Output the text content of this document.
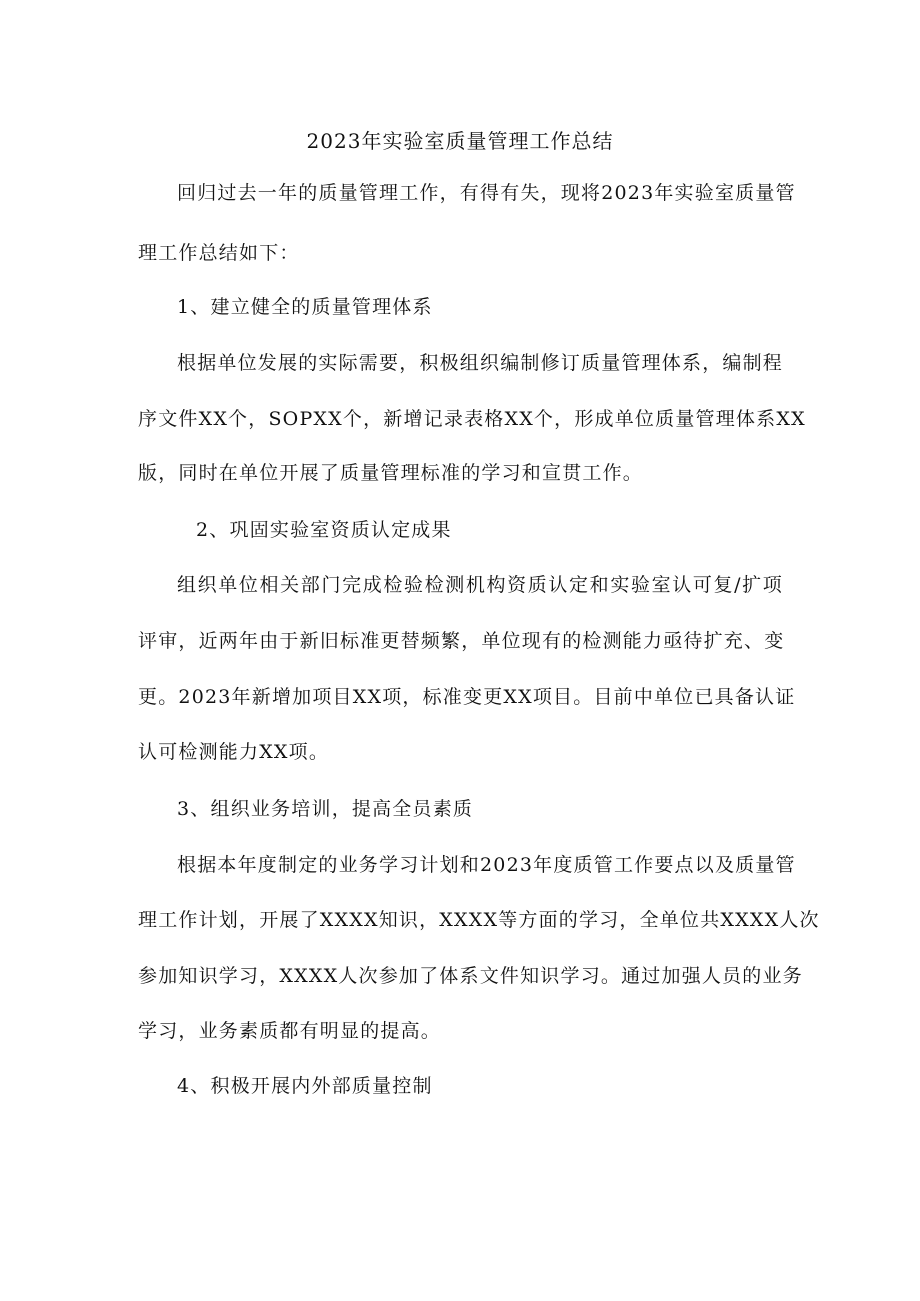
2023年实验室质量管理工作总结
回归过去一年的质量管理工作，有得有失，现将2023年实验室质量管
理工作总结如下：
1、建立健全的质量管理体系
根据单位发展的实际需要，积极组织编制修订质量管理体系，编制程
序文件XX个，SOPXX个，新增记录表格XX个，形成单位质量管理体系XX
版，同时在单位开展了质量管理标准的学习和宣贯工作。
2、巩固实验室资质认定成果
组织单位相关部门完成检验检测机构资质认定和实验室认可复/扩项
评审，近两年由于新旧标准更替频繁，单位现有的检测能力亟待扩充、变
更。2023年新增加项目XX项，标准变更XX项目。目前中单位已具备认证
认可检测能力XX项。
3、组织业务培训，提高全员素质
根据本年度制定的业务学习计划和2023年度质管工作要点以及质量管
理工作计划，开展了XXXX知识，XXXX等方面的学习，全单位共XXXX人次
参加知识学习，XXXX人次参加了体系文件知识学习。通过加强人员的业务
学习，业务素质都有明显的提高。
4、积极开展内外部质量控制
